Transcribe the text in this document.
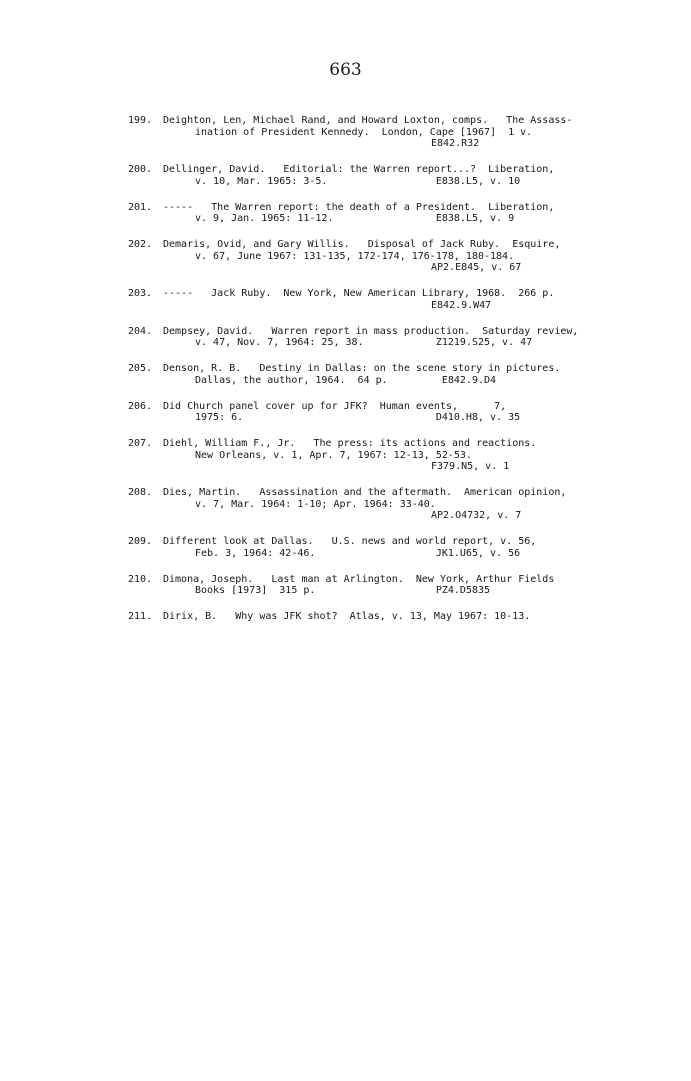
663
199.	Deighton, Len, Michael Rand, and Howard Loxton, comps.   The Assass-
ination of President Kennedy.  London, Cape [1967]  1 v.
E842.R32
200.	Dellinger, David.   Editorial: the Warren report...?  Liberation,
v. 10, Mar. 1965: 3-5.                  E838.L5, v. 10
201.	-----   The Warren report: the death of a President.  Liberation,
v. 9, Jan. 1965: 11-12.                 E838.L5, v. 9
202.	Demaris, Ovid, and Gary Willis.   Disposal of Jack Ruby.  Esquire,
v. 67, June 1967: 131-135, 172-174, 176-178, 180-184.
AP2.E845, v. 67
203.	-----   Jack Ruby.  New York, New American Library, 1968.  266 p.
E842.9.W47
204.	Dempsey, David.   Warren report in mass production.  Saturday review,
v. 47, Nov. 7, 1964: 25, 38.            Z1219.S25, v. 47
205.	Denson, R. B.   Destiny in Dallas: on the scene story in pictures.
Dallas, the author, 1964.  64 p.         E842.9.D4
206.	Did Church panel cover up for JFK?  Human events,      7,
1975: 6.                                D410.H8, v. 35
207.	Diehl, William F., Jr.   The press: its actions and reactions.
New Orleans, v. 1, Apr. 7, 1967: 12-13, 52-53.
F379.N5, v. 1
208.	Dies, Martin.   Assassination and the aftermath.  American opinion,
v. 7, Mar. 1964: 1-10; Apr. 1964: 33-40.
AP2.O4732, v. 7
209.	Different look at Dallas.   U.S. news and world report, v. 56,
Feb. 3, 1964: 42-46.                    JK1.U65, v. 56
210.	Dimona, Joseph.   Last man at Arlington.  New York, Arthur Fields
Books [1973]  315 p.                    PZ4.D5835
211.	Dirix, B.   Why was JFK shot?  Atlas, v. 13, May 1967: 10-13.
